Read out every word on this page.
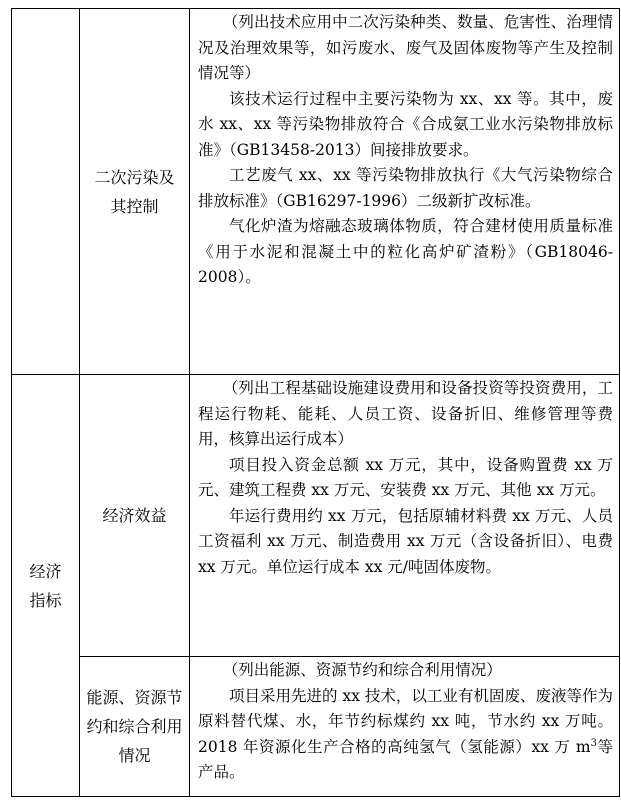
	二次污染及其控制	（列出技术应用中二次污染种类、数量、危害性、治理情况及治理效果等，如污废水、废气及固体废物等产生及控制情况等）

该技术运行过程中主要污染物为 xx、xx 等。其中，废水 xx、xx 等污染物排放符合《合成氨工业水污染物排放标准》（GB13458-2013）间接排放要求。

工艺废气 xx、xx 等污染物排放执行《大气污染物综合排放标准》（GB16297-1996）二级新扩改标准。

气化炉渣为熔融态玻璃体物质，符合建材使用质量标准《用于水泥和混凝土中的粒化高炉矿渣粉》（GB18046-2008）。

经济指标	经济效益	（列出工程基础设施建设费用和设备投资等投资费用，工程运行物耗、能耗、人员工资、设备折旧、维修管理等费用，核算出运行成本）

项目投入资金总额 xx 万元，其中，设备购置费 xx 万元、建筑工程费 xx 万元、安装费 xx 万元、其他 xx 万元。

年运行费用约 xx 万元，包括原辅材料费 xx 万元、人员工资福利 xx 万元、制造费用 xx 万元（含设备折旧）、电费 xx 万元。单位运行成本 xx 元/吨固体废物。

	能源、资源节约和综合利用情况	（列出能源、资源节约和综合利用情况）

项目采用先进的 xx 技术，以工业有机固废、废液等作为原料替代煤、水，年节约标煤约 xx 吨，节水约 xx 万吨。2018 年资源化生产合格的高纯氢气（氢能源）xx 万 $m^3$等产品。
